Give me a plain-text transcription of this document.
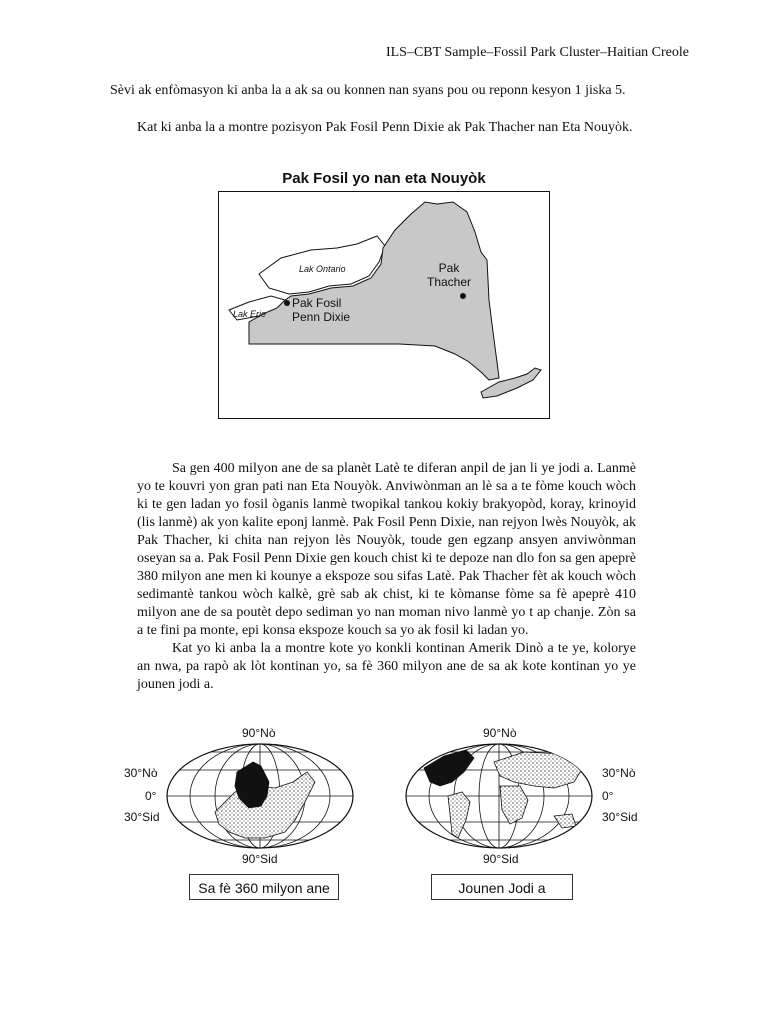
ILS–CBT Sample–Fossil Park Cluster–Haitian Creole
Sèvi ak enfòmasyon ki anba la a ak sa ou konnen nan syans pou ou reponn kesyon 1 jiska 5.
Kat ki anba la a montre pozisyon Pak Fosil Penn Dixie ak Pak Thacher nan Eta Nouyòk.
Pak Fosil yo nan eta Nouyòk
Lak Ontario
Lak Erie
Pak Fosil
Penn Dixie
Pak
Thacher

Sa gen 400 milyon ane de sa planèt Latè te diferan anpil de jan li ye jodi a. Lanmè yo te kouvri yon gran pati nan Eta Nouyòk. Anviwònman an lè sa a te fòme kouch wòch ki te gen ladan yo fosil òganis lanmè twopikal tankou kokiy brakyopòd, koray, krinoyid (lis lanmè) ak yon kalite eponj lanmè. Pak Fosil Penn Dixie, nan rejyon lwès Nouyòk, ak Pak Thacher, ki chita nan rejyon lès Nouyòk, toude gen egzanp ansyen anviwònman oseyan sa a. Pak Fosil Penn Dixie gen kouch chist ki te depoze nan dlo fon sa gen apeprè 380 milyon ane men ki kounye a ekspoze sou sifas Latè. Pak Thacher fèt ak kouch wòch sedimantè tankou wòch kalkè, grè sab ak chist, ki te kòmanse fòme sa fè apeprè 410 milyon ane de sa poutèt depo sediman yo nan moman nivo lanmè yo t ap chanje. Zòn sa a te fini pa monte, epi konsa ekspoze kouch sa yo ak fosil ki ladan yo.

Kat yo ki anba la a montre kote yo konkli kontinan Amerik Dinò a te ye, kolorye an nwa, pa rapò ak lòt kontinan yo, sa fè 360 milyon ane de sa ak kote kontinan yo ye jounen jodi a.

90°Nò
30°Nò
0°
30°Sid
90°Sid
Sa fè 360 milyon ane
90°Nò
30°Nò
0°
30°Sid
90°Sid
Jounen Jodi a
